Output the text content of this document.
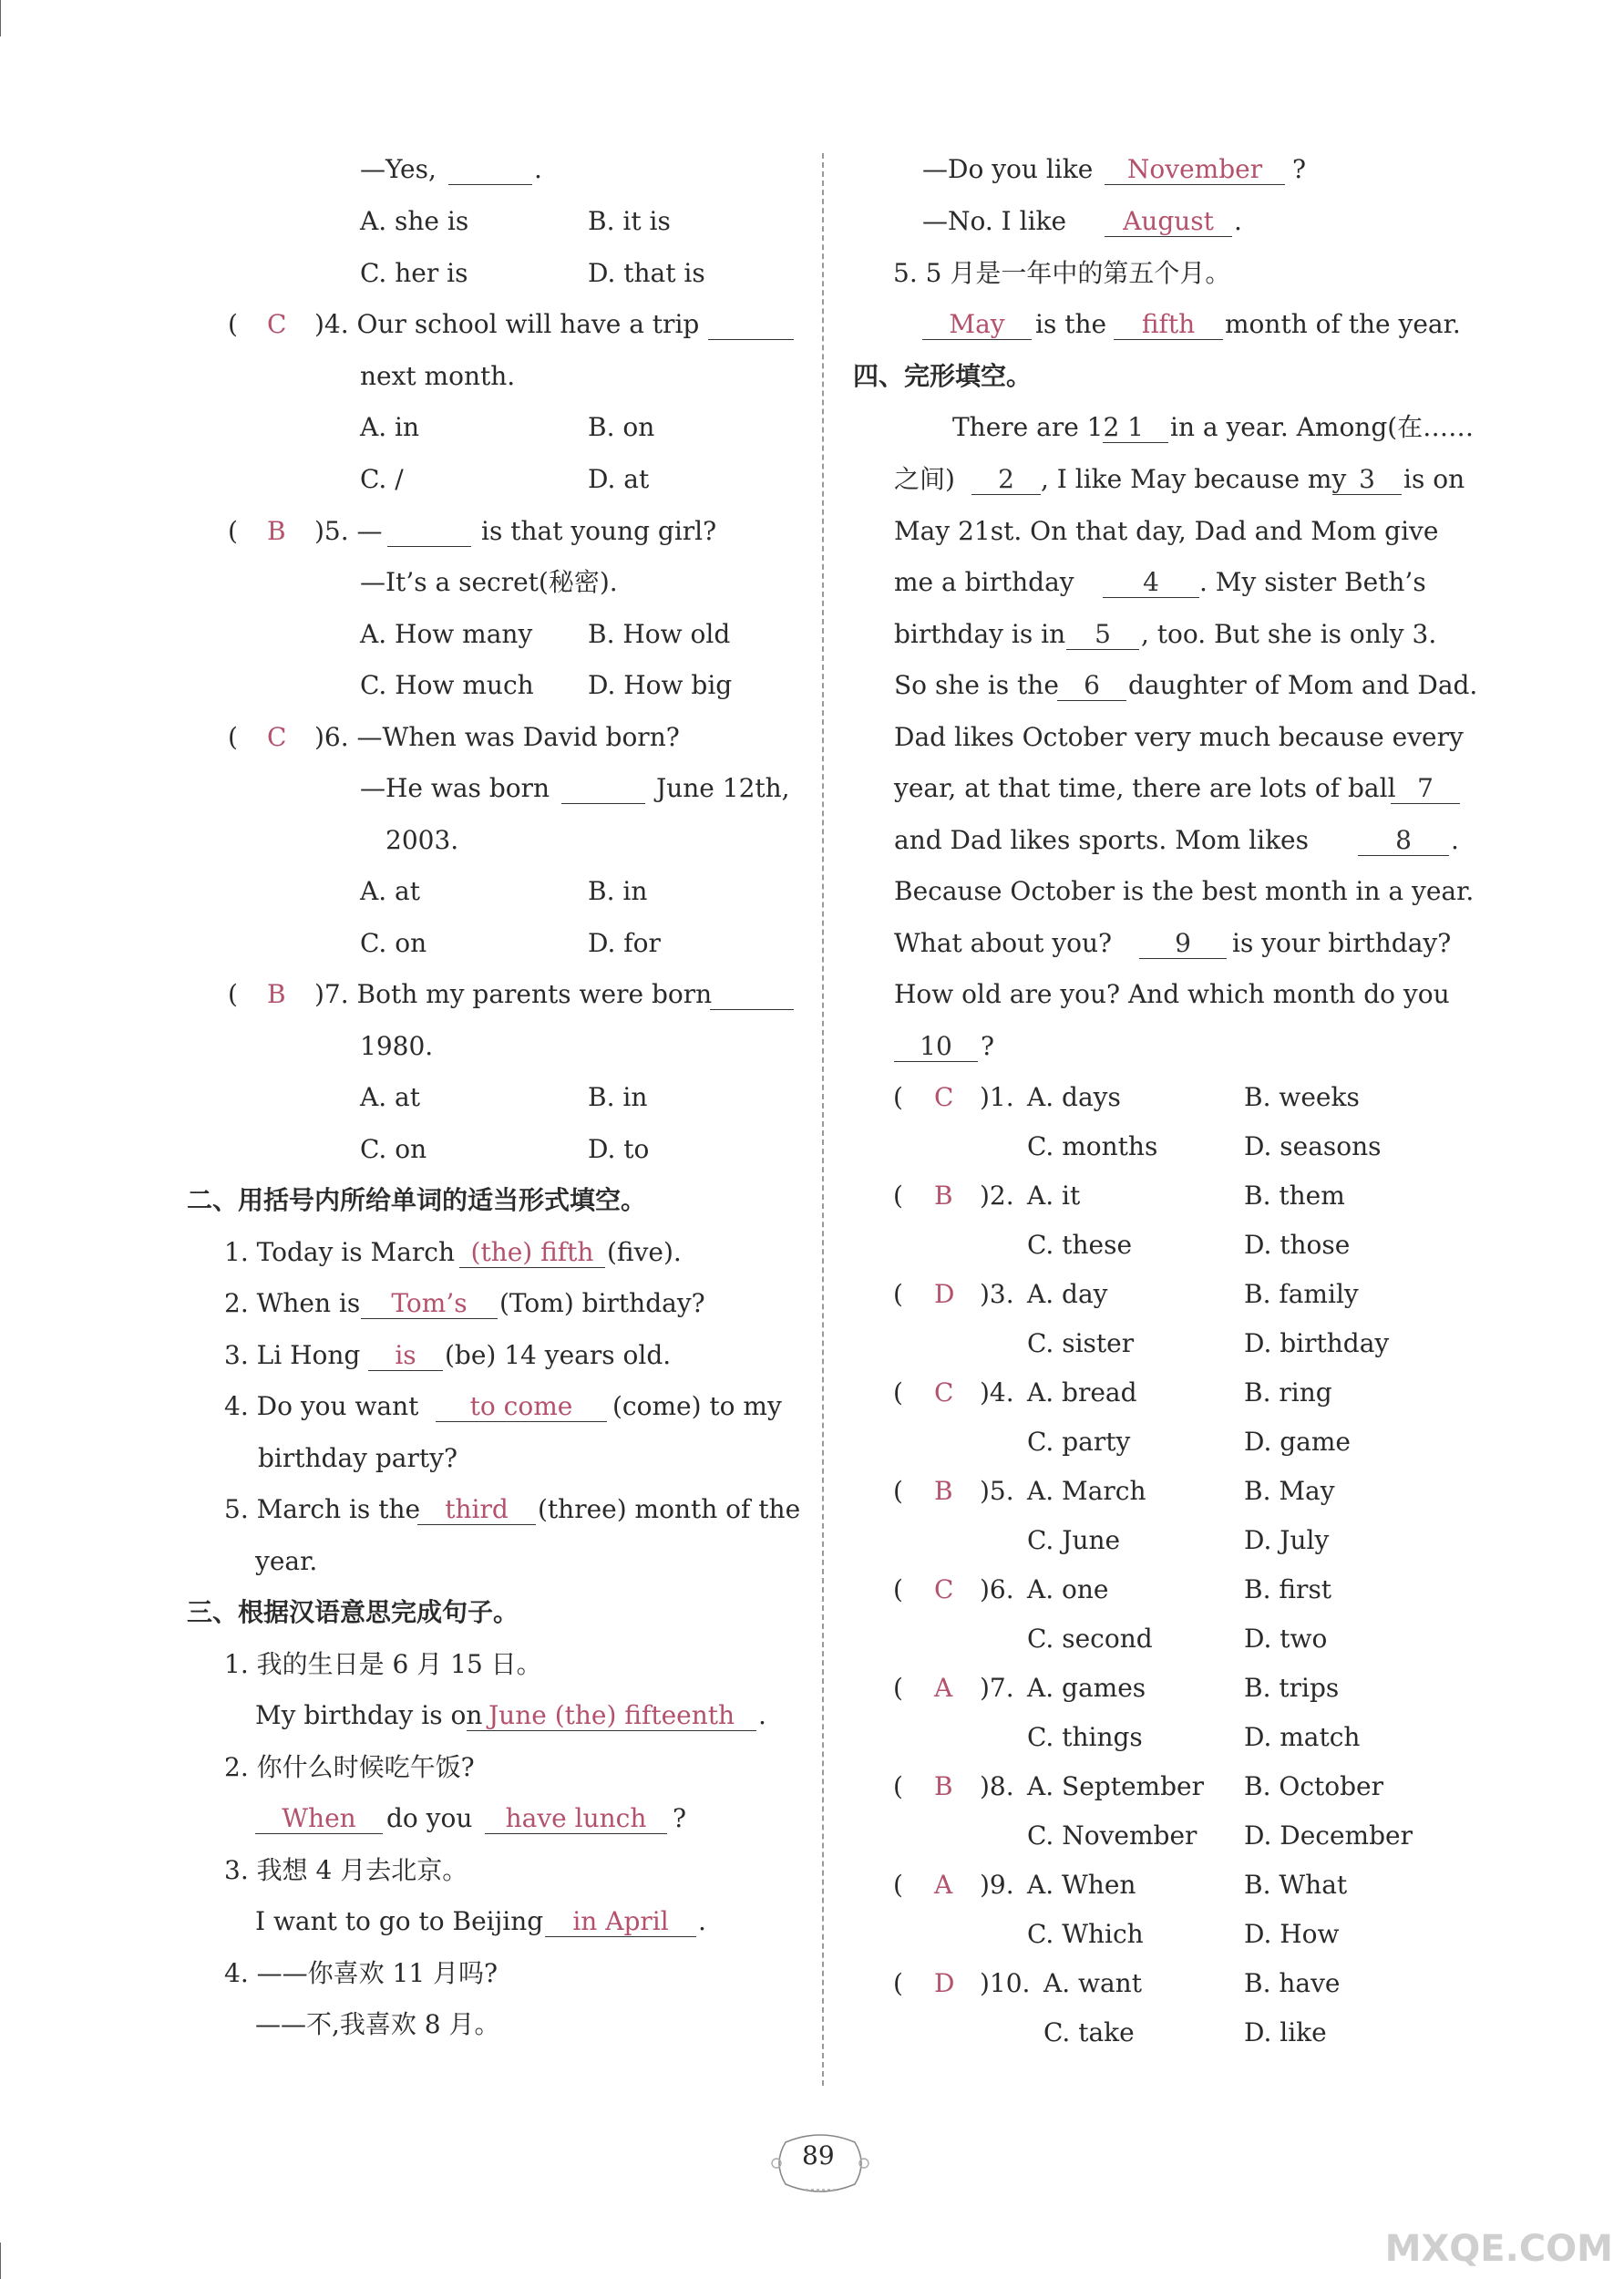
—Yes,	.
A. she is	B. it is
C. her is	D. that is
( C )4. Our school will have a trip
next month.
A. in	B. on
C. /	D. at
( B )5. —	is that young girl?
—It’s a secret(秘密).
A. How many B. How old
C. How much D. How big
( C )6. —When was David born?
—He was born	June 12th,
2003.
A. at	B. in
C. on	D. for
( B )7. Both my parents were born
1980.
A. at	B. in
C. on	D. to
二、用括号内所给单词的适当形式填空。
1. Today is March (the) fifth (five).
2. When is	Tom’s	(Tom) birthday?
3. Li Hong	is	(be) 14 years old.
4. Do you want	to come	(come) to my
birthday party?
5. March is the third	(three) month of the
year.
三、根据汉语意思完成句子。
1. 我的生日是 6 月 15 日。
My birthday is on June (the) fifteenth .
2. 你什么时候吃午饭?
When	do you	have lunch	?
3. 我想 4 月去北京。
I want to go to Beijing	in April	.
4. ——你喜欢 11 月吗?
——不,我喜欢 8 月。
—Do you like	November	?
—No. I like	August .
5. 5 月是一年中的第五个月。
May	is the	fifth	month of the year.
四、完形填空。
There are 12 1	in a year. Among(在……
之间)	2	, I like May because my 3	is on
May 21st. On that day, Dad and Mom give
me a birthday	4	. My sister Beth’s
birthday is in	5	, too. But she is only 3.
So she is the 6	daughter of Mom and Dad.
Dad likes October very much because every
year, at that time, there are lots of ball 7
and Dad likes sports. Mom likes	8	.
Because October is the best month in a year.
What about you?	9	is your birthday?
How old are you? And which month do you
10	?
( C )1. A. days	B. weeks
C. months	D. seasons
( B )2. A. it	B. them
C. these	D. those
( D )3. A. day	B. family
C. sister	D. birthday
( C )4. A. bread	B. ring
C. party	D. game
( B )5. A. March	B. May
C. June	D. July
( C )6. A. one	B. first
C. second	D. two
( A )7. A. games	B. trips
C. things	D. match
( B )8. A. September B. October
C. November D. December
( A )9. A. When	B. What
C. Which	D. How
( D )10. A. want	B. have
C. take	D. like
89
MXQE.COM
